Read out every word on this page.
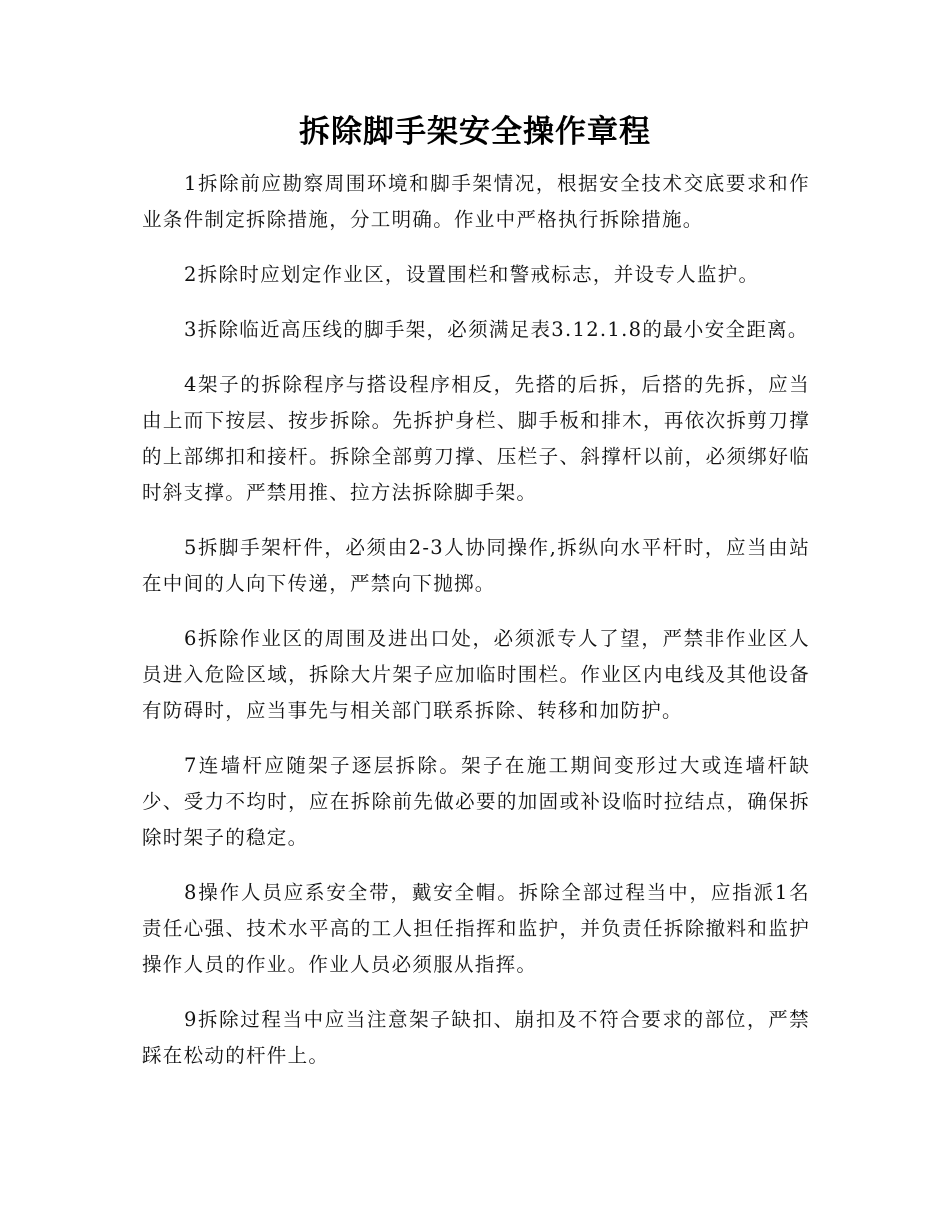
拆除脚手架安全操作章程

1拆除前应勘察周围环境和脚手架情况，根据安全技术交底要求和作业条件制定拆除措施，分工明确。作业中严格执行拆除措施。

2拆除时应划定作业区，设置围栏和警戒标志，并设专人监护。

3拆除临近高压线的脚手架，必须满足表3.12.1.8的最小安全距离。

4架子的拆除程序与搭设程序相反，先搭的后拆，后搭的先拆，应当由上而下按层、按步拆除。先拆护身栏、脚手板和排木，再依次拆剪刀撑的上部绑扣和接杆。拆除全部剪刀撑、压栏子、斜撑杆以前，必须绑好临时斜支撑。严禁用推、拉方法拆除脚手架。

5拆脚手架杆件，必须由2-3人协同操作,拆纵向水平杆时，应当由站在中间的人向下传递，严禁向下抛掷。

6拆除作业区的周围及进出口处，必须派专人了望，严禁非作业区人员进入危险区域，拆除大片架子应加临时围栏。作业区内电线及其他设备有防碍时，应当事先与相关部门联系拆除、转移和加防护。

7连墙杆应随架子逐层拆除。架子在施工期间变形过大或连墙杆缺少、受力不均时，应在拆除前先做必要的加固或补设临时拉结点，确保拆除时架子的稳定。

8操作人员应系安全带，戴安全帽。拆除全部过程当中，应指派1名责任心强、技术水平高的工人担任指挥和监护，并负责任拆除撤料和监护操作人员的作业。作业人员必须服从指挥。

9拆除过程当中应当注意架子缺扣、崩扣及不符合要求的部位，严禁踩在松动的杆件上。
